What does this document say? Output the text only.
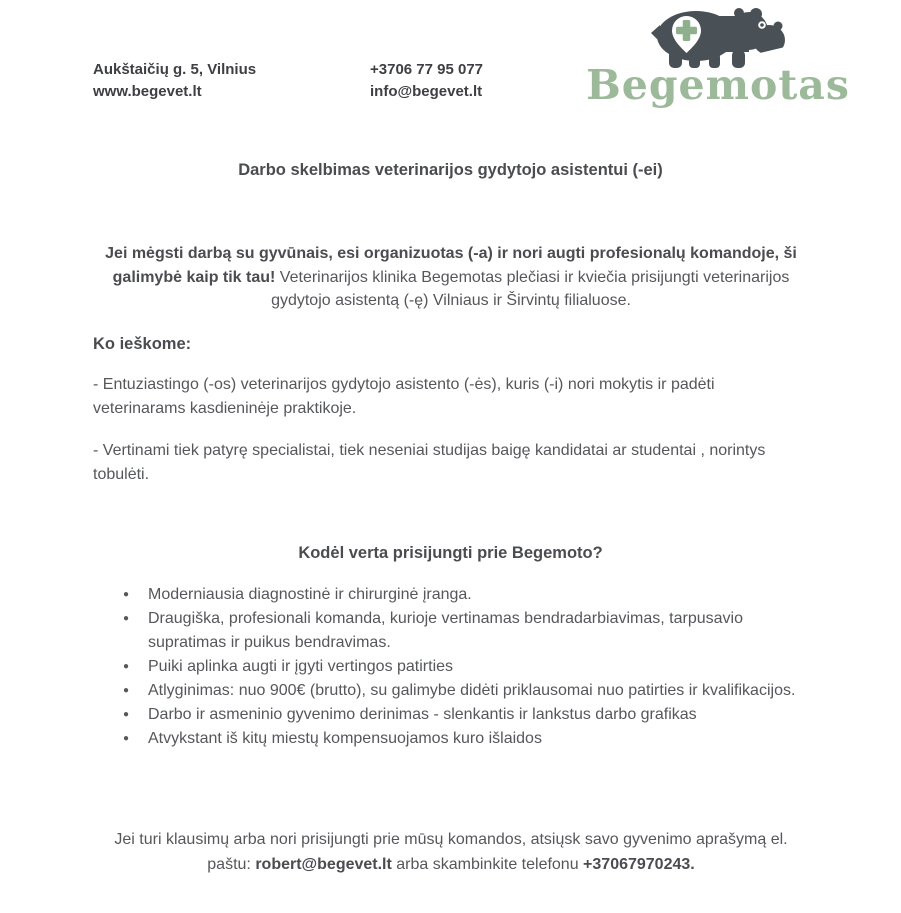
Aukštaičių g. 5, Vilnius
www.begevet.lt
+3706 77 95 077
info@begevet.lt	Begemotas
Darbo skelbimas veterinarijos gydytojo asistentui (-ei)

Jei mėgsti darbą su gyvūnais, esi organizuotas (-a) ir nori augti profesionalų komandoje, ši galimybė kaip tik tau! Veterinarijos klinika Begemotas plečiasi ir kviečia prisijungti veterinarijos gydytojo asistentą (-ę) Vilniaus ir Širvintų filialuose.

Ko ieškome:

- Entuziastingo (-os) veterinarijos gydytojo asistento (-ės), kuris (-i) nori mokytis ir padėti veterinarams kasdieninėje praktikoje.

- Vertinami tiek patyrę specialistai, tiek neseniai studijas baigę kandidatai ar studentai , norintys tobulėti.

Kodėl verta prisijungti prie Begemoto?
● Moderniausia diagnostinė ir chirurginė įranga.
● Draugiška, profesionali komanda, kurioje vertinamas bendradarbiavimas, tarpusavio supratimas ir puikus bendravimas.
● Puiki aplinka augti ir įgyti vertingos patirties
● Atlyginimas: nuo 900€ (brutto), su galimybe didėti priklausomai nuo patirties ir kvalifikacijos.
● Darbo ir asmeninio gyvenimo derinimas - slenkantis ir lankstus darbo grafikas
● Atvykstant iš kitų miestų kompensuojamos kuro išlaidos

Jei turi klausimų arba nori prisijungti prie mūsų komandos, atsiųsk savo gyvenimo aprašymą el. paštu: robert@begevet.lt arba skambinkite telefonu +37067970243.
